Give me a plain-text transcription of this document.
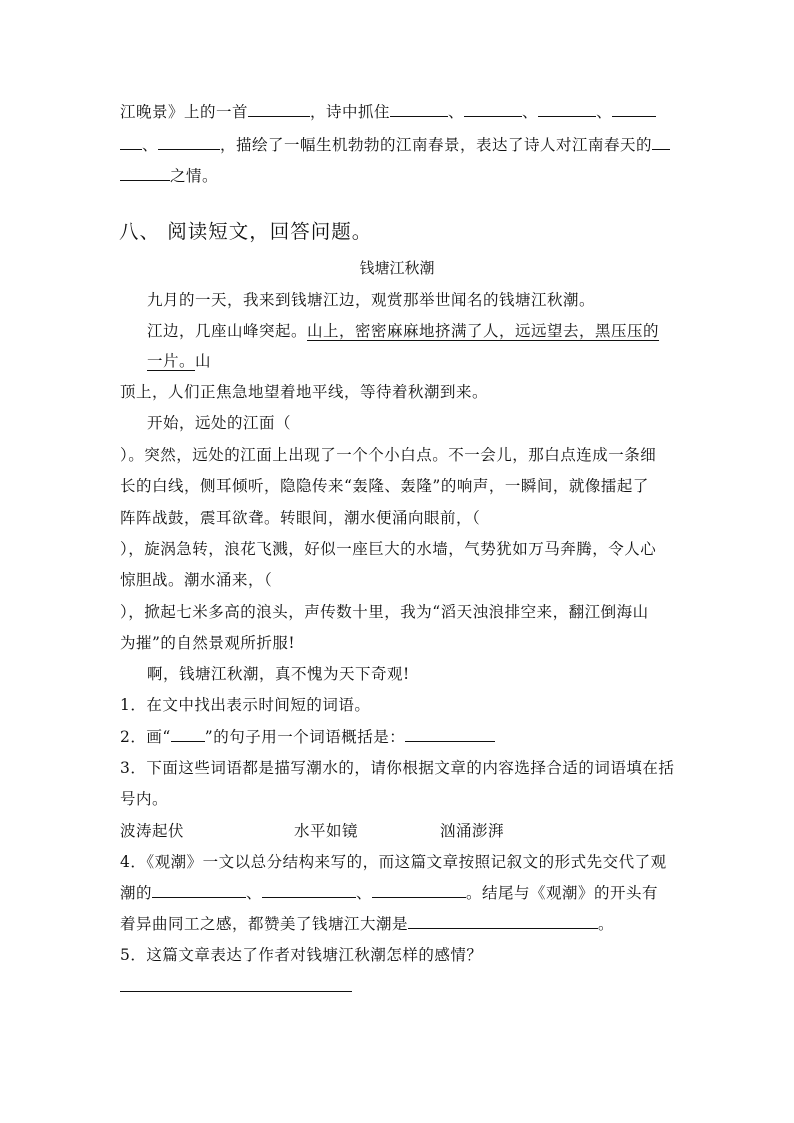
江晚景》上的一首	，诗中抓住	、	、	、
、	，描绘了一幅生机勃勃的江南春景，表达了诗人对江南春天的
之情。
八、 阅读短文，回答问题。
钱塘江秋潮
九月的一天，我来到钱塘江边，观赏那举世闻名的钱塘江秋潮。
江边，几座山峰突起。山上，密密麻麻地挤满了人，远远望去，黑压压的
一片。山
顶上，人们正焦急地望着地平线，等待着秋潮到来。
开始，远处的江面（
）。突然，远处的江面上出现了一个个小白点。不一会儿，那白点连成一条细
长的白线，侧耳倾听，隐隐传来“轰隆、轰隆”的响声，一瞬间，就像擂起了
阵阵战鼓，震耳欲聋。转眼间，潮水便涌向眼前，（
），旋涡急转，浪花飞溅，好似一座巨大的水墙，气势犹如万马奔腾，令人心
惊胆战。潮水涌来，（
），掀起七米多高的浪头，声传数十里，我为“滔天浊浪排空来，翻江倒海山
为摧”的自然景观所折服!
啊，钱塘江秋潮，真不愧为天下奇观!
1．在文中找出表示时间短的词语。
2．画“ ”的句子用一个词语概括是：
3．下面这些词语都是描写潮水的，请你根据文章的内容选择合适的词语填在括
号内。
波涛起伏	水平如镜	汹涌澎湃
4．《观潮》一文以总分结构来写的，而这篇文章按照记叙文的形式先交代了观
潮的	、	、	。结尾与《观潮》的开头有
着异曲同工之感，都赞美了钱塘江大潮是	。
5．这篇文章表达了作者对钱塘江秋潮怎样的感情？
